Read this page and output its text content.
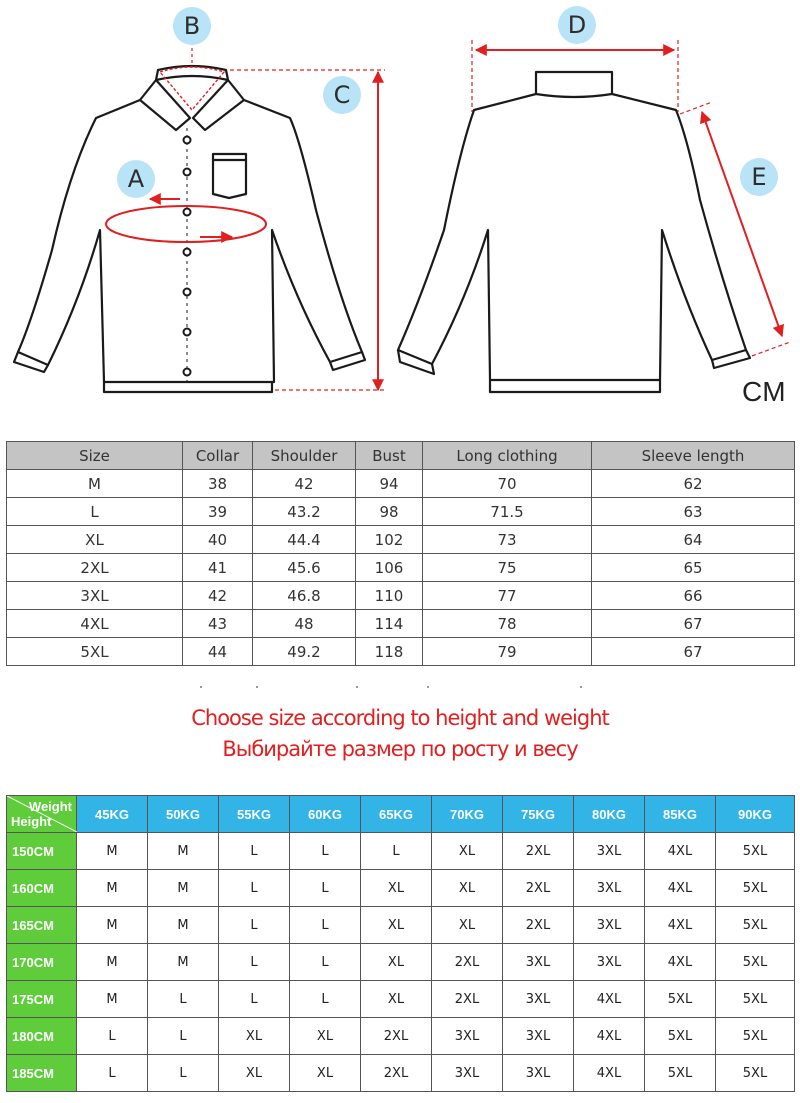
A
B
C
D
E
CM
Size	Collar	Shoulder	Bust	Long clothing	Sleeve length
M	38	42	94	70	62
L	39	43.2	98	71.5	63
XL	40	44.4	102	73	64
2XL	41	45.6	106	75	65
3XL	42	46.8	110	77	66
4XL	43	48	114	78	67
5XL	44	49.2	118	79	67
Choose size according to height and weight
Выбирайте размер по росту и весу
Weight
Height	45KG	50KG	55KG	60KG	65KG	70KG	75KG	80KG	85KG	90KG
150CM	M	M	L	L	L	XL	2XL	3XL	4XL	5XL
160CM	M	M	L	L	XL	XL	2XL	3XL	4XL	5XL
165CM	M	M	L	L	XL	XL	2XL	3XL	4XL	5XL
170CM	M	M	L	L	XL	2XL	3XL	3XL	4XL	5XL
175CM	M	L	L	L	XL	2XL	3XL	4XL	5XL	5XL
180CM	L	L	XL	XL	2XL	3XL	3XL	4XL	5XL	5XL
185CM	L	L	XL	XL	2XL	3XL	3XL	4XL	5XL	5XL
